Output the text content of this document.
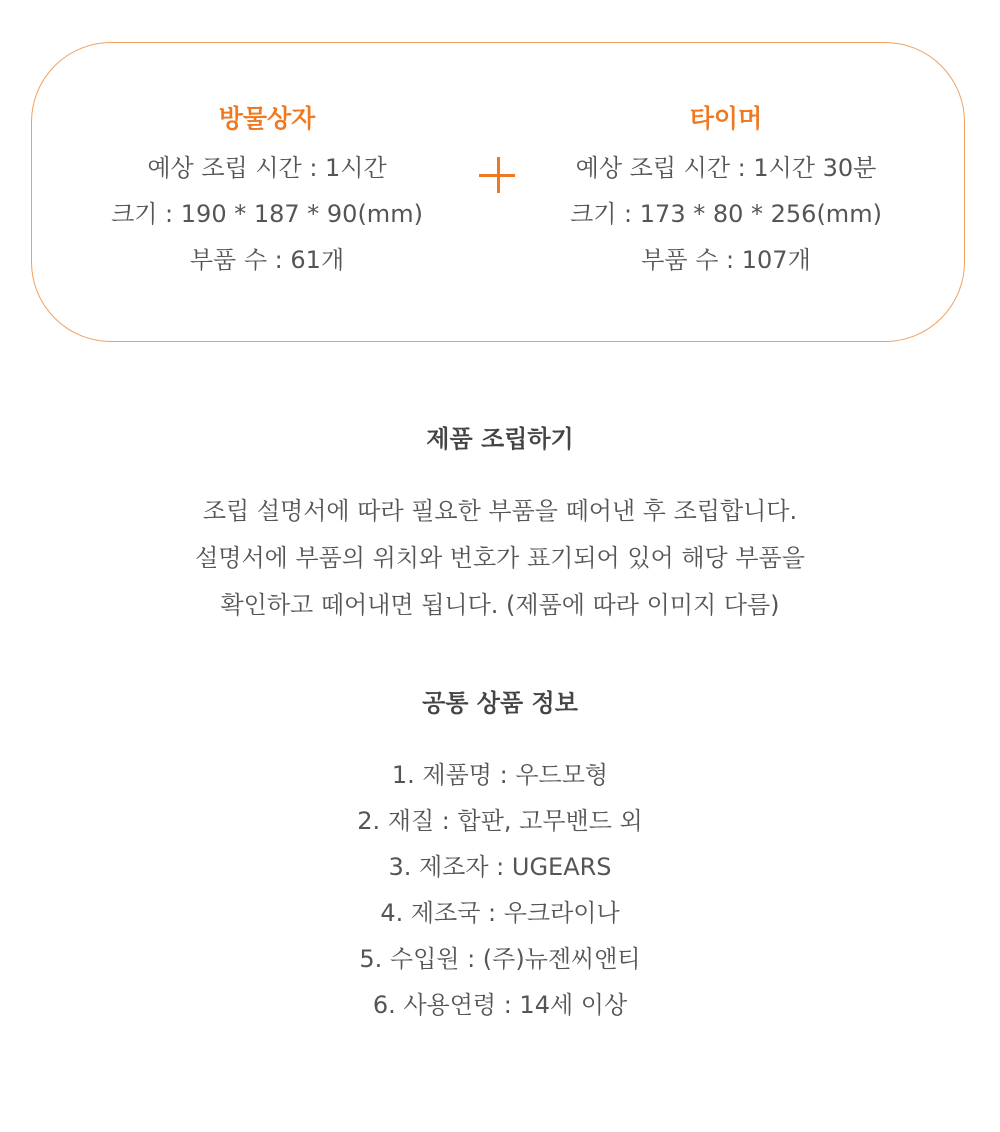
방물상자
예상 조립 시간 : 1시간
크기 : 190 * 187 * 90(mm)
부품 수 : 61개
타이머
예상 조립 시간 : 1시간 30분
크기 : 173 * 80 * 256(mm)
부품 수 : 107개
제품 조립하기
조립 설명서에 따라 필요한 부품을 떼어낸 후 조립합니다.
설명서에 부품의 위치와 번호가 표기되어 있어 해당 부품을
확인하고 떼어내면 됩니다. (제품에 따라 이미지 다름)
공통 상품 정보
1. 제품명 : 우드모형
2. 재질 : 합판, 고무밴드 외
3. 제조자 : UGEARS
4. 제조국 : 우크라이나
5. 수입원 : (주)뉴젠씨앤티
6. 사용연령 : 14세 이상
